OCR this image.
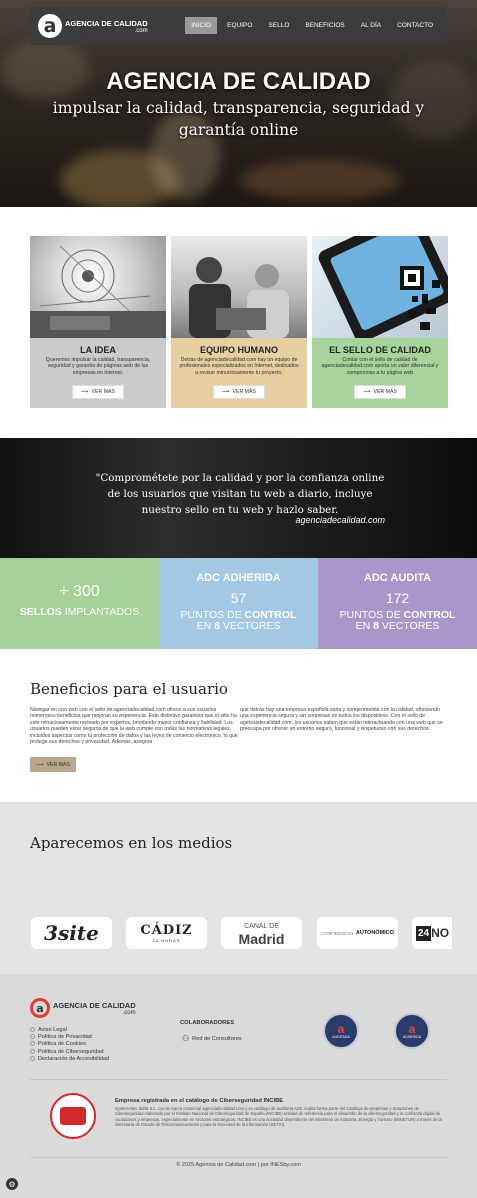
a	AGENCIA DE CALIDAD
.com
INICIO	EQUIPO	SELLO	BENEFICIOS	AL DÍA	CONTACTO
AGENCIA DE CALIDAD
impulsar la calidad, transparencia, seguridad y garantía online
LA IDEA

Queremos impulsar la calidad, transparencia, seguridad y garantía de páginas web de las empresas en Internet.

⟶ VER MÁS
EQUIPO HUMANO

Detrás de agenciadecalidad.com hay un equipo de profesionales especializados en Internet, dedicados a revisar minuciosamente tu proyecto.

⟶ VER MÁS
EL SELLO DE CALIDAD

Contar con el sello de calidad de agenciadecalidad.com aporta un valor diferencial y compromiso a tu página web

⟶ VER MÁS
"Comprométete por la calidad y por la confianza online de los usuarios que visitan tu web a diario, incluye nuestro sello en tu web y hazlo saber.
agenciadecalidad.com
+ 300
SELLOS IMPLANTADOS
ADC ADHERIDA
57
PUNTOS DE CONTROL
EN 8 VECTORES
ADC AUDITA
172
PUNTOS DE CONTROL
EN 8 VECTORES
Beneficios para el usuario
Navegar en una web con el sello de agenciadecalidad.com ofrece a sus usuarios numerosos beneficios que mejoran su experiencia. Este distintivo garantiza que el sitio ha sido minuciosamente revisado por expertos, brindando mayor confianza y fiabilidad. Los usuarios pueden estar seguros de que la web cumple con todas las normativas legales, incluidos aspectos como la protección de datos y las leyes de comercio electrónico, lo que protege sus derechos y privacidad. Además, asegura
que detrás hay una empresa española seria y comprometida con la calidad, ofreciendo una experiencia segura y sin sorpresas en todos los dispositivos. Con el sello de agenciadecalidad.com, los usuarios saben que están interactuando con una web que se preocupa por ofrecer un entorno seguro, funcional y respetuoso con sus derechos.
⟶ VER MÁS
Aparecemos en los medios
3site	CÁDIZ
24 HORAS
CANAL DE
Madrid	CONFIDENCIAL
AUTONÓMICO 24 NO
a	AGENCIA DE CALIDAD
.com
Aviso Legal
Política de Privacidad
Política de Cookies
Política de Ciberseguridad
Declaración de Accesibilidad
COLABORADORES
⚇ Red de Consultores
a
AUDITADA
a
ADHERIDA
Empresa registrada en el catálogo de Ciberseguridad INCIBE
System Net. Ibéfa S.L. con la marca comercial agenciadecalidad.com y su catálogo de auditoría ADC Audita forma parte del Catálogo de empresas y Soluciones de Ciberseguridad elaborado por el Instituto Nacional de Ciberseguridad de España (INCIBE) entidad de referencia para el desarrollo de la ciberseguridad y la confianza digital de ciudadanos y empresas, especialmente en sectores estratégicos. INCIBE es una sociedad dependiente del Ministerio de Industria, Energía y Turismo (MINETUR) a través de la Secretaría de Estado de Telecomunicaciones y para la Sociedad de la Información (SETSI).
© 2025 Agencia de Calidad.com | por INESby.com
⚙
